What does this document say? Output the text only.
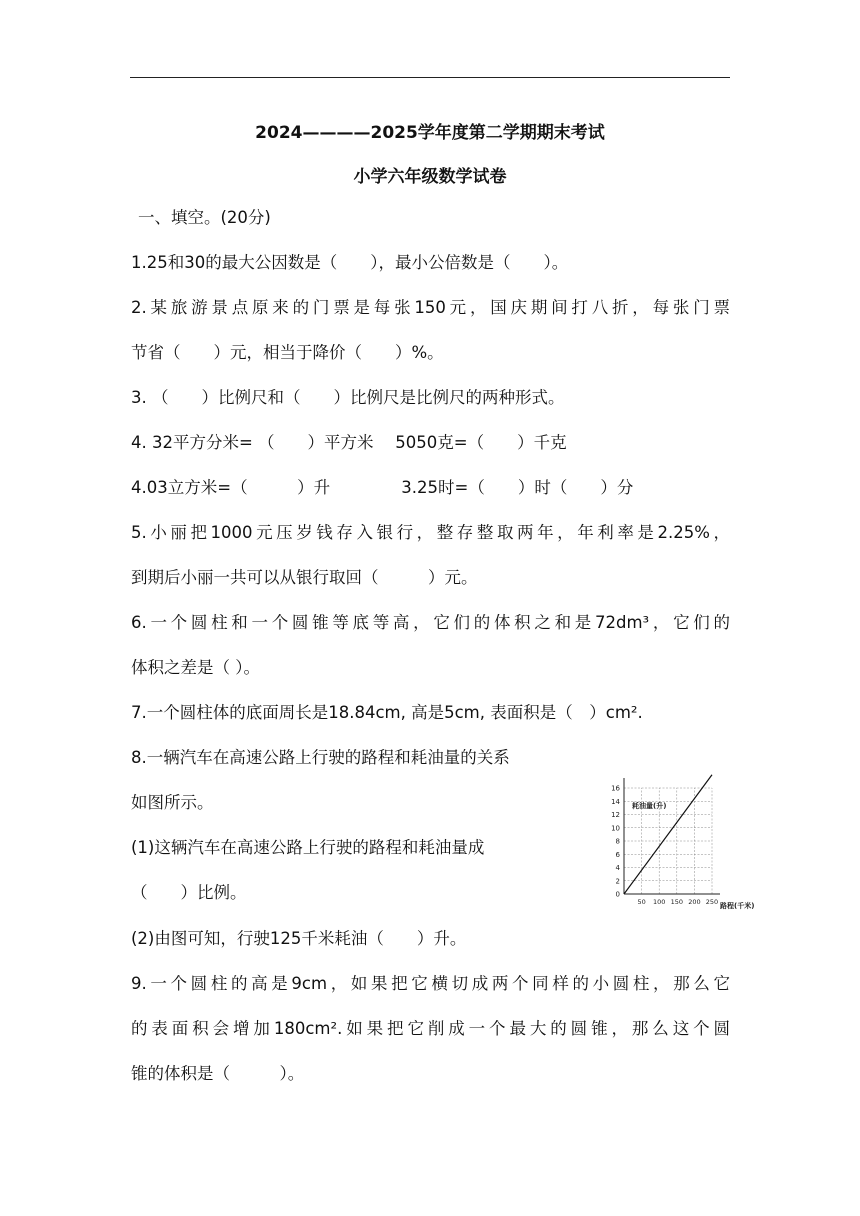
2024————2025学年度第二学期期末考试
小学六年级数学试卷
一、填空。(20分)
1.25和30的最大公因数是（　　），最小公倍数是（　　）。
2.某旅游景点原来的门票是每张150元，国庆期间打八折，每张门票
节省（　　）元，相当于降价（　　）%。
3. （　　）比例尺和（　　）比例尺是比例尺的两种形式。
4. 32平方分米= （　　）平方米　 5050克=（　　）千克
4.03立方米=（　　　）升　　　　 3.25时=（　　）时（　　）分
5.小丽把1000元压岁钱存入银行，整存整取两年，年利率是2.25%，
到期后小丽一共可以从银行取回（　　　）元。
6.一个圆柱和一个圆锥等底等高，它们的体积之和是72dm³，它们的
体积之差是（ ）。
7.一个圆柱体的底面周长是18.84cm, 高是5cm, 表面积是（　）cm².
8.一辆汽车在高速公路上行驶的路程和耗油量的关系
如图所示。
(1)这辆汽车在高速公路上行驶的路程和耗油量成
（　　）比例。
(2)由图可知，行驶125千米耗油（　　）升。
9.一个圆柱的高是9cm，如果把它横切成两个同样的小圆柱，那么它
的表面积会增加180cm².如果把它削成一个最大的圆锥，那么这个圆
锥的体积是（　　　）。
0
2
4
6
8
10
12
14
16
50 100 150 200 250
耗油量(升)
路程(千米)
